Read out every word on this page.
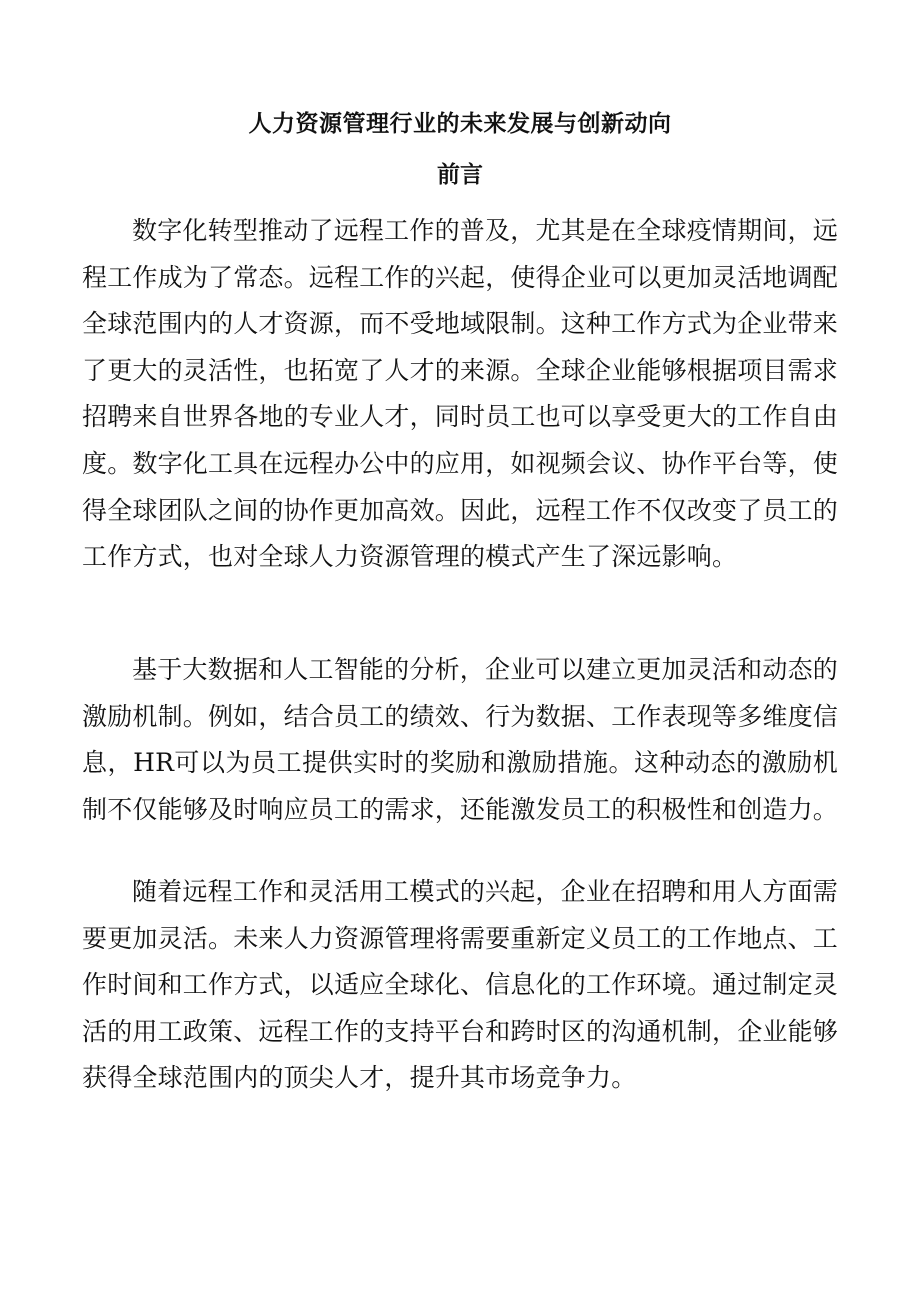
人力资源管理行业的未来发展与创新动向
前言

数字化转型推动了远程工作的普及，尤其是在全球疫情期间，远程工作成为了常态。远程工作的兴起，使得企业可以更加灵活地调配全球范围内的人才资源，而不受地域限制。这种工作方式为企业带来了更大的灵活性，也拓宽了人才的来源。全球企业能够根据项目需求招聘来自世界各地的专业人才，同时员工也可以享受更大的工作自由度。数字化工具在远程办公中的应用，如视频会议、协作平台等，使得全球团队之间的协作更加高效。因此，远程工作不仅改变了员工的工作方式，也对全球人力资源管理的模式产生了深远影响。

基于大数据和人工智能的分析，企业可以建立更加灵活和动态的激励机制。例如，结合员工的绩效、行为数据、工作表现等多维度信息，HR可以为员工提供实时的奖励和激励措施。这种动态的激励机制不仅能够及时响应员工的需求，还能激发员工的积极性和创造力。

随着远程工作和灵活用工模式的兴起，企业在招聘和用人方面需要更加灵活。未来人力资源管理将需要重新定义员工的工作地点、工作时间和工作方式，以适应全球化、信息化的工作环境。通过制定灵活的用工政策、远程工作的支持平台和跨时区的沟通机制，企业能够获得全球范围内的顶尖人才，提升其市场竞争力。
